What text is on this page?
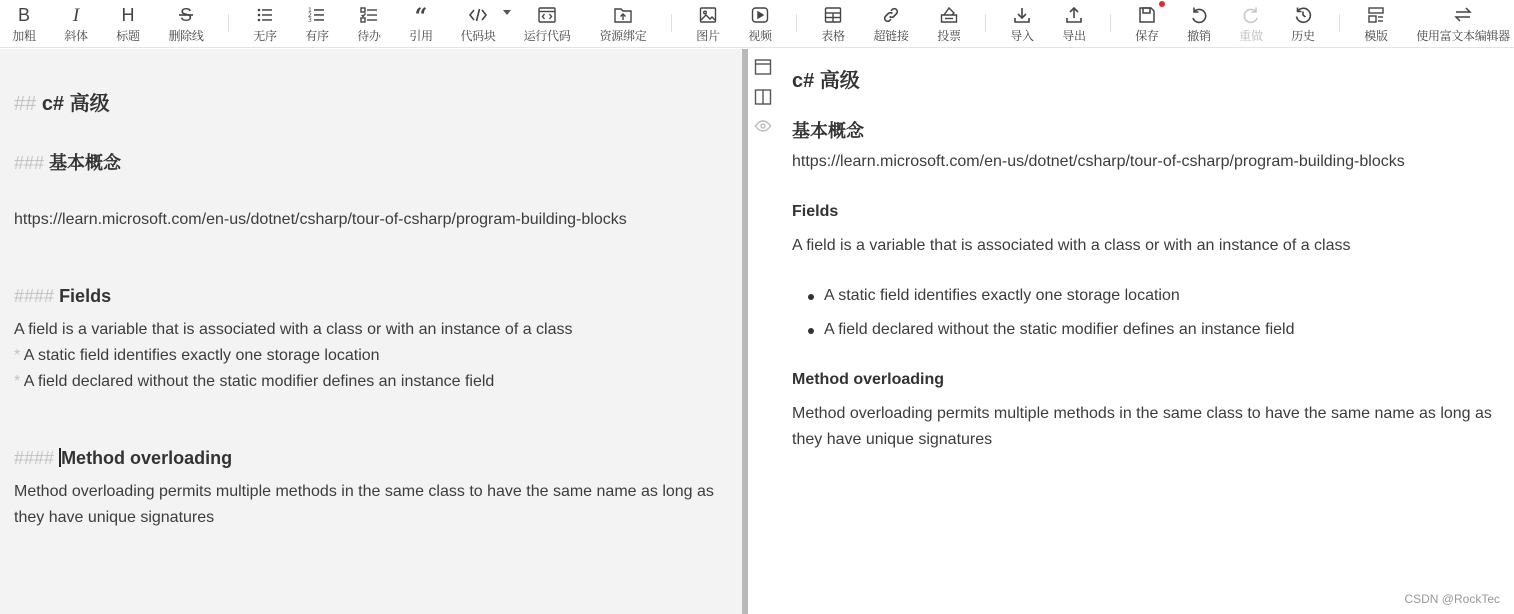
B
加粗
I
斜体
H
标题
S
删除线	无序
1
2
3
有序 待办
“
引用 代码块 运行代码 资源绑定	图片 视频	表格 超链接 投票	导入 导出	保存 撤销 重做 历史	模版 使用富文本编辑器
## c# 高级
### 基本概念
https://learn.microsoft.com/en-us/dotnet/csharp/tour-of-csharp/program-building-blocks
#### Fields
A field is a variable that is associated with a class or with an instance of a class
* A static field identifies exactly one storage location
* A field declared without the static modifier defines an instance field
#### Method overloading
Method overloading permits multiple methods in the same class to have the same name as long as
they have unique signatures
c# 高级
基本概念
https://learn.microsoft.com/en-us/dotnet/csharp/tour-of-csharp/program-building-blocks
Fields
A field is a variable that is associated with a class or with an instance of a class
A static field identifies exactly one storage location
A field declared without the static modifier defines an instance field
Method overloading
Method overloading permits multiple methods in the same class to have the same name as long as they have unique signatures
CSDN @RockTec
